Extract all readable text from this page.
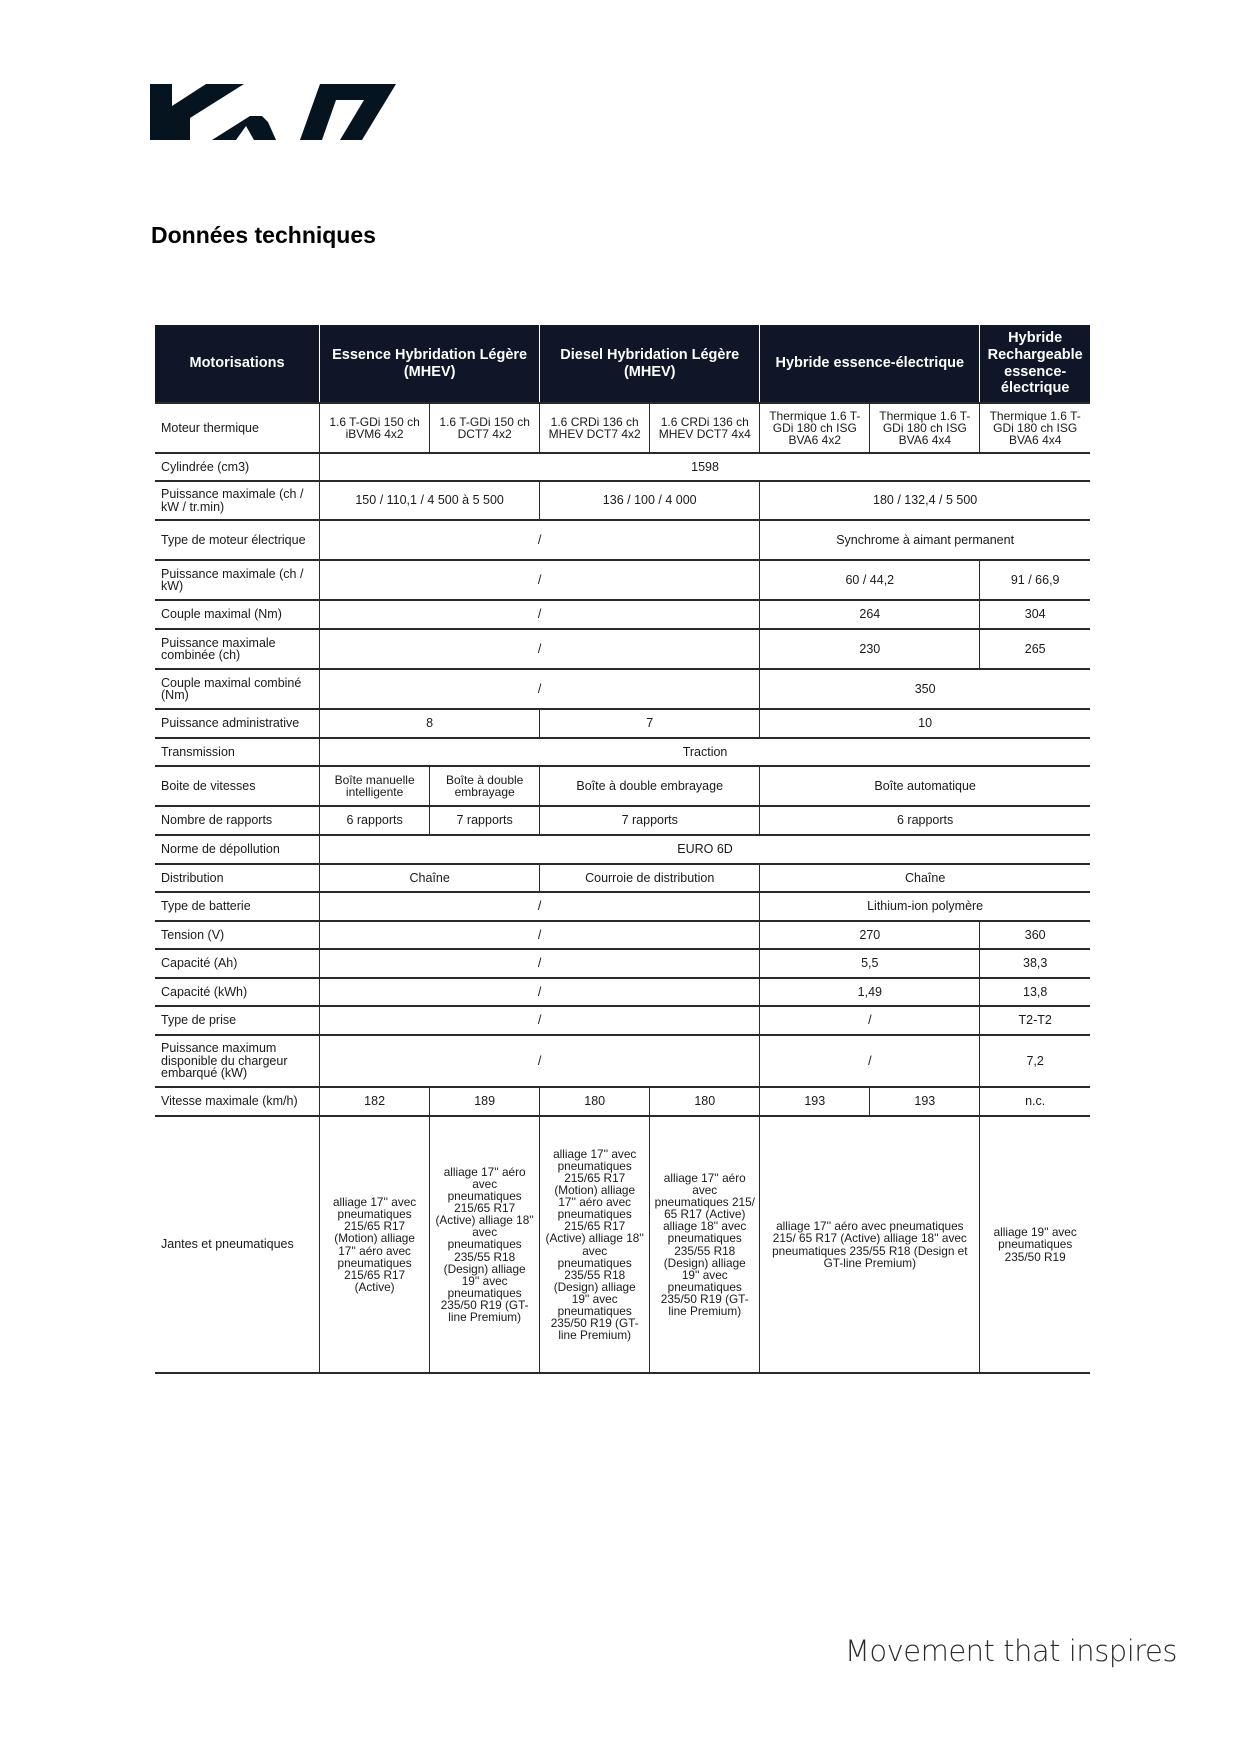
Données techniques
Motorisations	Essence Hybridation Légère (MHEV)		Diesel Hybridation Légère (MHEV)		Hybride essence-électrique		Hybride Rechargeable essence-électrique
Moteur thermique	1.6 T-GDi 150 ch iBVM6 4x2	1.6 T-GDi 150 ch DCT7 4x2	1.6 CRDi 136 ch MHEV DCT7 4x2	1.6 CRDi 136 ch MHEV DCT7 4x4	Thermique 1.6 T-GDi 180 ch ISG BVA6 4x2	Thermique 1.6 T-GDi 180 ch ISG BVA6 4x4	Thermique 1.6 T-GDi 180 ch ISG BVA6 4x4
Cylindrée (cm3)	1598						
Puissance maximale (ch / kW / tr.min)	150 / 110,1 / 4 500 à 5 500		136 / 100 / 4 000		180 / 132,4 / 5 500		
Type de moteur électrique	/				Synchrome à aimant permanent		
Puissance maximale (ch / kW)	/				60 / 44,2		91 / 66,9
Couple maximal (Nm)	/				264		304
Puissance maximale combinée (ch)	/				230		265
Couple maximal combiné (Nm)	/				350		
Puissance administrative	8		7		10		
Transmission	Traction						
Boite de vitesses	Boîte manuelle intelligente	Boîte à double embrayage	Boîte à double embrayage		Boîte automatique		
Nombre de rapports	6 rapports	7 rapports	7 rapports		6 rapports		
Norme de dépollution	EURO 6D						
Distribution	Chaîne		Courroie de distribution		Chaîne		
Type de batterie	/				Lithium-ion polymère		
Tension (V)	/				270		360
Capacité (Ah)	/				5,5		38,3
Capacité (kWh)	/				1,49		13,8
Type de prise	/				/		T2-T2
Puissance maximum disponible du chargeur embarqué (kW)	/				/		7,2
Vitesse maximale (km/h)	182	189	180	180	193	193	n.c.
Jantes et pneumatiques	alliage 17'' avec pneumatiques 215/65 R17 (Motion) alliage 17'' aéro avec pneumatiques 215/65 R17 (Active)	alliage 17'' aéro avec pneumatiques 215/65 R17 (Active) alliage 18'' avec pneumatiques 235/55 R18 (Design) alliage 19'' avec pneumatiques 235/50 R19 (GT-line Premium)	alliage 17'' avec pneumatiques 215/65 R17 (Motion) alliage 17'' aéro avec pneumatiques 215/65 R17 (Active) alliage 18'' avec pneumatiques 235/55 R18 (Design) alliage 19'' avec pneumatiques 235/50 R19 (GT-line Premium)	alliage 17'' aéro avec pneumatiques 215/ 65 R17 (Active) alliage 18'' avec pneumatiques 235/55 R18 (Design) alliage 19'' avec pneumatiques 235/50 R19 (GT-line Premium)	alliage 17'' aéro avec pneumatiques 215/ 65 R17 (Active) alliage 18'' avec pneumatiques 235/55 R18 (Design et GT-line Premium)		alliage 19'' avec pneumatiques 235/50 R19
Movement that inspires
